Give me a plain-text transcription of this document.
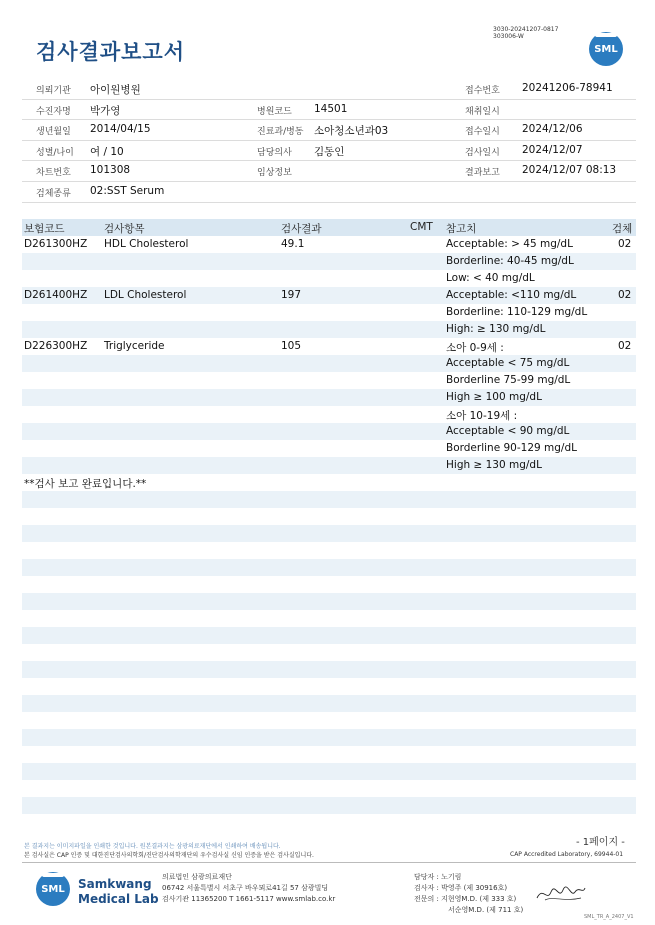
3030-20241207-0817
303006-W
검사결과보고서	SML
의뢰기관 아이원병원	접수번호 20241206-78941
수진자명 박가영	병원코드 14501	채취일시
생년월일 2014/04/15	진료과/병동 소아청소년과03	접수일시 2024/12/06
성별/나이 여 / 10	담당의사 김동인	검사일시 2024/12/07
차트번호 101308	임상정보	결과보고 2024/12/07 08:13
검체종류 02:SST Serum
보험코드	검사항목	검사결과	CMT 참고치	검체
D261300HZ HDL Cholesterol	49.1	Acceptable: > 45 mg/dL	02
Borderline: 40-45 mg/dL
Low: < 40 mg/dL
D261400HZ LDL Cholesterol	197	Acceptable: <110 mg/dL	02
Borderline: 110-129 mg/dL
High: ≥ 130 mg/dL
D226300HZ Triglyceride	105	소아 0-9세 :	02
Acceptable < 75 mg/dL
Borderline 75-99 mg/dL
High ≥ 100 mg/dL
소아 10-19세 :
Acceptable < 90 mg/dL
Borderline 90-129 mg/dL
High ≥ 130 mg/dL
**검사 보고 완료입니다.**
- 1페이지 -
본 결과지는 이미지파일을 인쇄한 것입니다. 원본결과지는 삼광의료재단에서 인쇄하여 배송됩니다.
본 검사실은 CAP 인증 및 대한진단검사의학회/진단검사의학재단의 우수검사실 신임 인증을 받은 검사실입니다.	CAP Accredited Laboratory, 69944-01
SML	Samkwang
Medical Lab
의료법인 삼광의료재단
06742 서울특별시 서초구 바우뫼로41길 57 삼광빌딩
검사기관 11365200 T 1661-5117 www.smlab.co.kr
담당자 : 노기림
검사자 : 박영주 (제 30916호)
전문의 : 지현영M.D. (제 333 호)
서순영M.D. (제 711 호)
SML_TR_A_2407_V1
